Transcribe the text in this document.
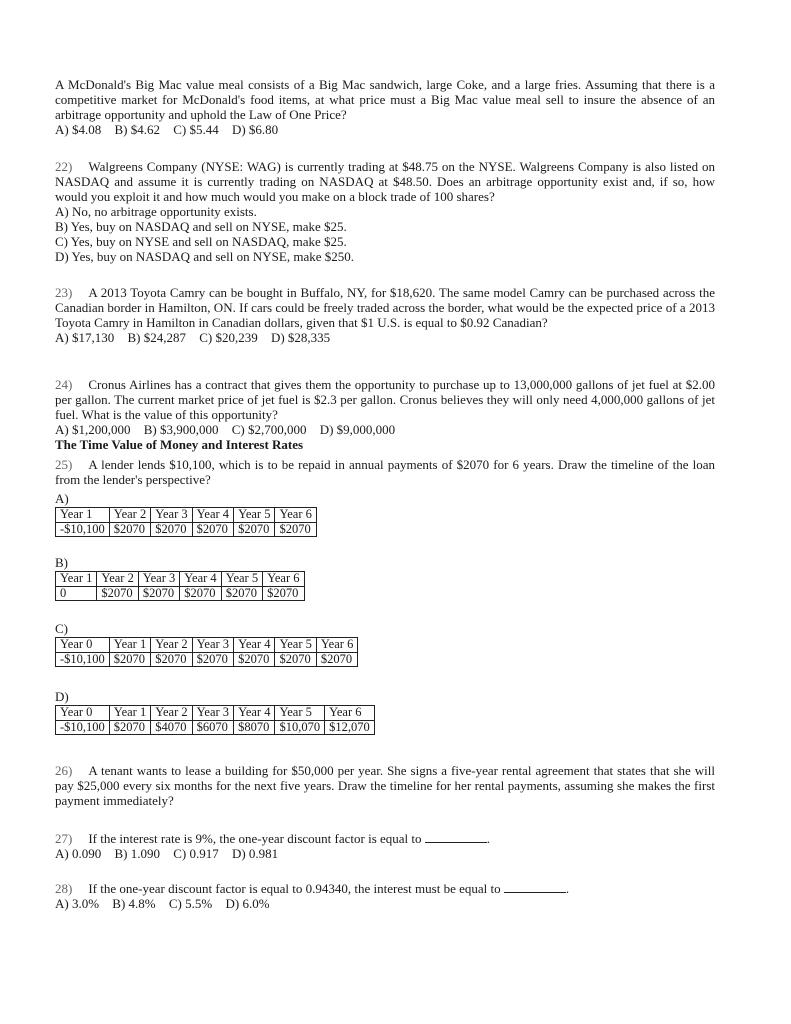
A McDonald's Big Mac value meal consists of a Big Mac sandwich, large Coke, and a large fries. Assuming that there is a competitive market for McDonald's food items, at what price must a Big Mac value meal sell to insure the absence of an arbitrage opportunity and uphold the Law of One Price?

A) $4.08 B) $4.62 C) $5.44 D) $6.80

22) Walgreens Company (NYSE: WAG) is currently trading at $48.75 on the NYSE. Walgreens Company is also listed on NASDAQ and assume it is currently trading on NASDAQ at $48.50. Does an arbitrage opportunity exist and, if so, how would you exploit it and how much would you make on a block trade of 100 shares?

A) No, no arbitrage opportunity exists.

B) Yes, buy on NASDAQ and sell on NYSE, make $25.

C) Yes, buy on NYSE and sell on NASDAQ, make $25.

D) Yes, buy on NASDAQ and sell on NYSE, make $250.

23) A 2013 Toyota Camry can be bought in Buffalo, NY, for $18,620. The same model Camry can be purchased across the Canadian border in Hamilton, ON. If cars could be freely traded across the border, what would be the expected price of a 2013 Toyota Camry in Hamilton in Canadian dollars, given that $1 U.S. is equal to $0.92 Canadian?

A) $17,130 B) $24,287 C) $20,239 D) $28,335

24) Cronus Airlines has a contract that gives them the opportunity to purchase up to 13,000,000 gallons of jet fuel at $2.00 per gallon. The current market price of jet fuel is $2.3 per gallon. Cronus believes they will only need 4,000,000 gallons of jet fuel. What is the value of this opportunity?

A) $1,200,000 B) $3,900,000 C) $2,700,000 D) $9,000,000

The Time Value of Money and Interest Rates

25) A lender lends $10,100, which is to be repaid in annual payments of $2070 for 6 years. Draw the timeline of the loan from the lender's perspective?

A)

Year 1	Year 2	Year 3	Year 4	Year 5	Year 6
-$10,100	$2070	$2070	$2070	$2070	$2070

B)

Year 1	Year 2	Year 3	Year 4	Year 5	Year 6
0	$2070	$2070	$2070	$2070	$2070

C)

Year 0	Year 1	Year 2	Year 3	Year 4	Year 5	Year 6
-$10,100	$2070	$2070	$2070	$2070	$2070	$2070

D)

Year 0	Year 1	Year 2	Year 3	Year 4	Year 5	Year 6
-$10,100	$2070	$4070	$6070	$8070	$10,070	$12,070

26) A tenant wants to lease a building for $50,000 per year. She signs a five-year rental agreement that states that she will pay $25,000 every six months for the next five years. Draw the timeline for her rental payments, assuming she makes the first payment immediately?

27) If the interest rate is 9%, the one-year discount factor is equal to	.

A) 0.090 B) 1.090 C) 0.917 D) 0.981

28) If the one-year discount factor is equal to 0.94340, the interest must be equal to	.

A) 3.0% B) 4.8% C) 5.5% D) 6.0%
